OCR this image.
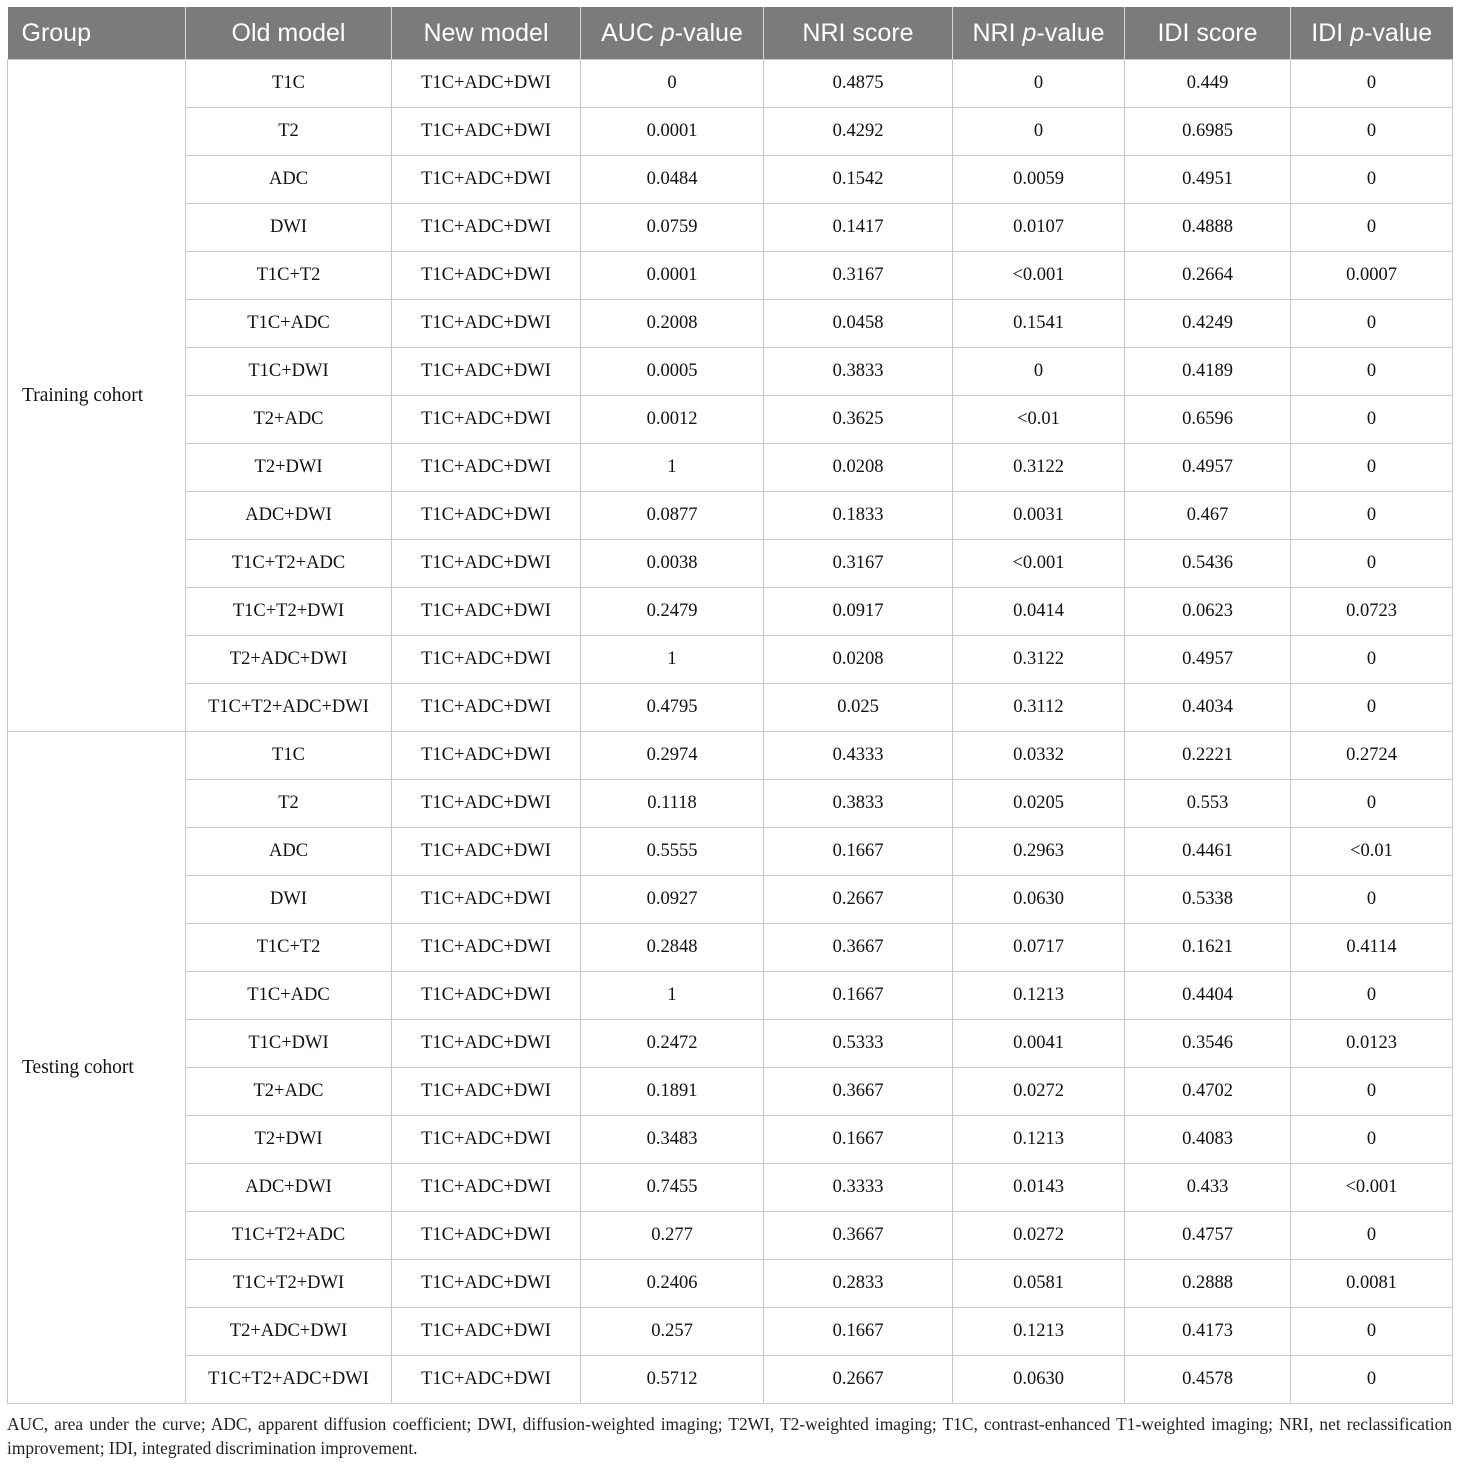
Group	Old model	New model	AUC p-value	NRI score	NRI p-value	IDI score	IDI p-value
Training cohort	T1C	T1C+ADC+DWI	0	0.4875	0	0.449	0
	T2	T1C+ADC+DWI	0.0001	0.4292	0	0.6985	0
	ADC	T1C+ADC+DWI	0.0484	0.1542	0.0059	0.4951	0
	DWI	T1C+ADC+DWI	0.0759	0.1417	0.0107	0.4888	0
	T1C+T2	T1C+ADC+DWI	0.0001	0.3167	<0.001	0.2664	0.0007
	T1C+ADC	T1C+ADC+DWI	0.2008	0.0458	0.1541	0.4249	0
	T1C+DWI	T1C+ADC+DWI	0.0005	0.3833	0	0.4189	0
	T2+ADC	T1C+ADC+DWI	0.0012	0.3625	<0.01	0.6596	0
	T2+DWI	T1C+ADC+DWI	1	0.0208	0.3122	0.4957	0
	ADC+DWI	T1C+ADC+DWI	0.0877	0.1833	0.0031	0.467	0
	T1C+T2+ADC	T1C+ADC+DWI	0.0038	0.3167	<0.001	0.5436	0
	T1C+T2+DWI	T1C+ADC+DWI	0.2479	0.0917	0.0414	0.0623	0.0723
	T2+ADC+DWI	T1C+ADC+DWI	1	0.0208	0.3122	0.4957	0
	T1C+T2+ADC+DWI	T1C+ADC+DWI	0.4795	0.025	0.3112	0.4034	0
Testing cohort	T1C	T1C+ADC+DWI	0.2974	0.4333	0.0332	0.2221	0.2724
	T2	T1C+ADC+DWI	0.1118	0.3833	0.0205	0.553	0
	ADC	T1C+ADC+DWI	0.5555	0.1667	0.2963	0.4461	<0.01
	DWI	T1C+ADC+DWI	0.0927	0.2667	0.0630	0.5338	0
	T1C+T2	T1C+ADC+DWI	0.2848	0.3667	0.0717	0.1621	0.4114
	T1C+ADC	T1C+ADC+DWI	1	0.1667	0.1213	0.4404	0
	T1C+DWI	T1C+ADC+DWI	0.2472	0.5333	0.0041	0.3546	0.0123
	T2+ADC	T1C+ADC+DWI	0.1891	0.3667	0.0272	0.4702	0
	T2+DWI	T1C+ADC+DWI	0.3483	0.1667	0.1213	0.4083	0
	ADC+DWI	T1C+ADC+DWI	0.7455	0.3333	0.0143	0.433	<0.001
	T1C+T2+ADC	T1C+ADC+DWI	0.277	0.3667	0.0272	0.4757	0
	T1C+T2+DWI	T1C+ADC+DWI	0.2406	0.2833	0.0581	0.2888	0.0081
	T2+ADC+DWI	T1C+ADC+DWI	0.257	0.1667	0.1213	0.4173	0
	T1C+T2+ADC+DWI	T1C+ADC+DWI	0.5712	0.2667	0.0630	0.4578	0
AUC, area under the curve; ADC, apparent diffusion coefficient; DWI, diffusion-weighted imaging; T2WI, T2-weighted imaging; T1C, contrast-enhanced T1-weighted imaging; NRI, net reclassification improvement; IDI, integrated discrimination improvement.
